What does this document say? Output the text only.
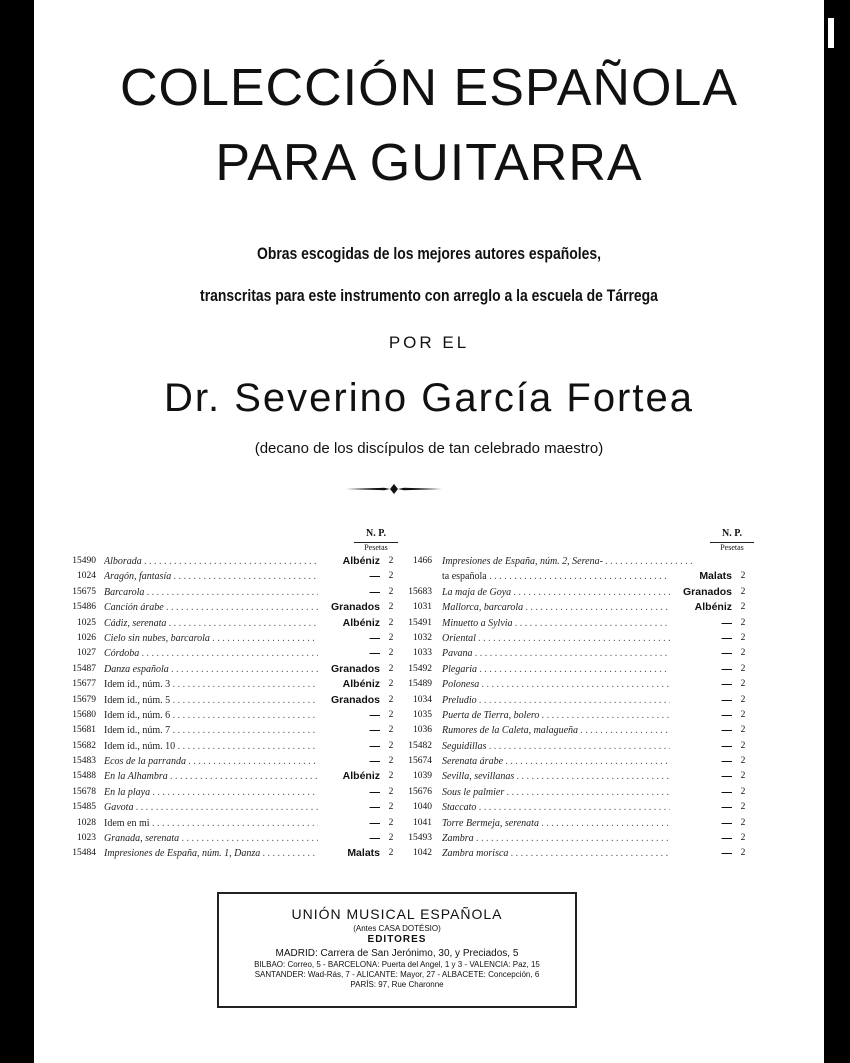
COLECCIÓN ESPAÑOLA
PARA GUITARRA
Obras escogidas de los mejores autores españoles,
transcritas para este instrumento con arreglo a la escuela de Tárrega
POR EL
Dr. Severino García Fortea
(decano de los discípulos de tan celebrado maestro)
N. P.
Pesetas
15490 Alborada . . .	Albéniz 2
1024 Aragón, fantasía . . .	— 2
15675 Barcarola . . .	— 2
15486 Canción árabe . . .	Granados 2
1025 Cádiz, serenata . . .	Albéniz 2
1026 Cielo sin nubes, barcarola . . .	— 2
1027 Córdoba . . .	— 2
15487 Danza española . . .	Granados 2
15677 Idem íd., núm. 3 . . .	Albéniz 2
15679 Idem íd., núm. 5 . . .	Granados 2
15680 Idem íd., núm. 6 . . .	— 2
15681 Idem íd., núm. 7 . . .	— 2
15682 Idem íd., núm. 10 . . .	— 2
15483 Ecos de la parranda . . .	— 2
15488 En la Alhambra . . .	Albéniz 2
15678 En la playa . . .	— 2
15485 Gavota . . .	— 2
1028 Idem en mi . . .	— 2
1023 Granada, serenata . . .	— 2
15484 Impresiones de España, núm. 1, Danza . . .	Malats 2
N. P.
Pesetas
1466 Impresiones de España, núm. 2, Serena- . . .
ta española . . .	Malats 2
15683 La maja de Goya . . .	Granados 2
1031 Mallorca, barcarola . . .	Albéniz 2
15491 Minuetto a Sylvia . . .	— 2
1032 Oriental . . .	— 2
1033 Pavana . . .	— 2
15492 Plegaria . . .	— 2
15489 Polonesa . . .	— 2
1034 Preludio . . .	— 2
1035 Puerta de Tierra, bolero . . .	— 2
1036 Rumores de la Caleta, malagueña . . .	— 2
15482 Seguidillas . . .	— 2
15674 Serenata árabe . . .	— 2
1039 Sevilla, sevillanas . . .	— 2
15676 Sous le palmier . . .	— 2
1040 Staccato . . .	— 2
1041 Torre Bermeja, serenata . . .	— 2
15493 Zambra . . .	— 2
1042 Zambra morisca . . .	— 2
UNIÓN MUSICAL ESPAÑOLA
(Antes CASA DOTÉSIO)
EDITORES
MADRID: Carrera de San Jerónimo, 30, y Preciados, 5
BILBAO: Correo, 5 - BARCELONA: Puerta del Angel, 1 y 3 - VALENCIA: Paz, 15
SANTANDER: Wad-Rás, 7 - ALICANTE: Mayor, 27 - ALBACETE: Concepción, 6
PARÍS: 97, Rue Charonne
